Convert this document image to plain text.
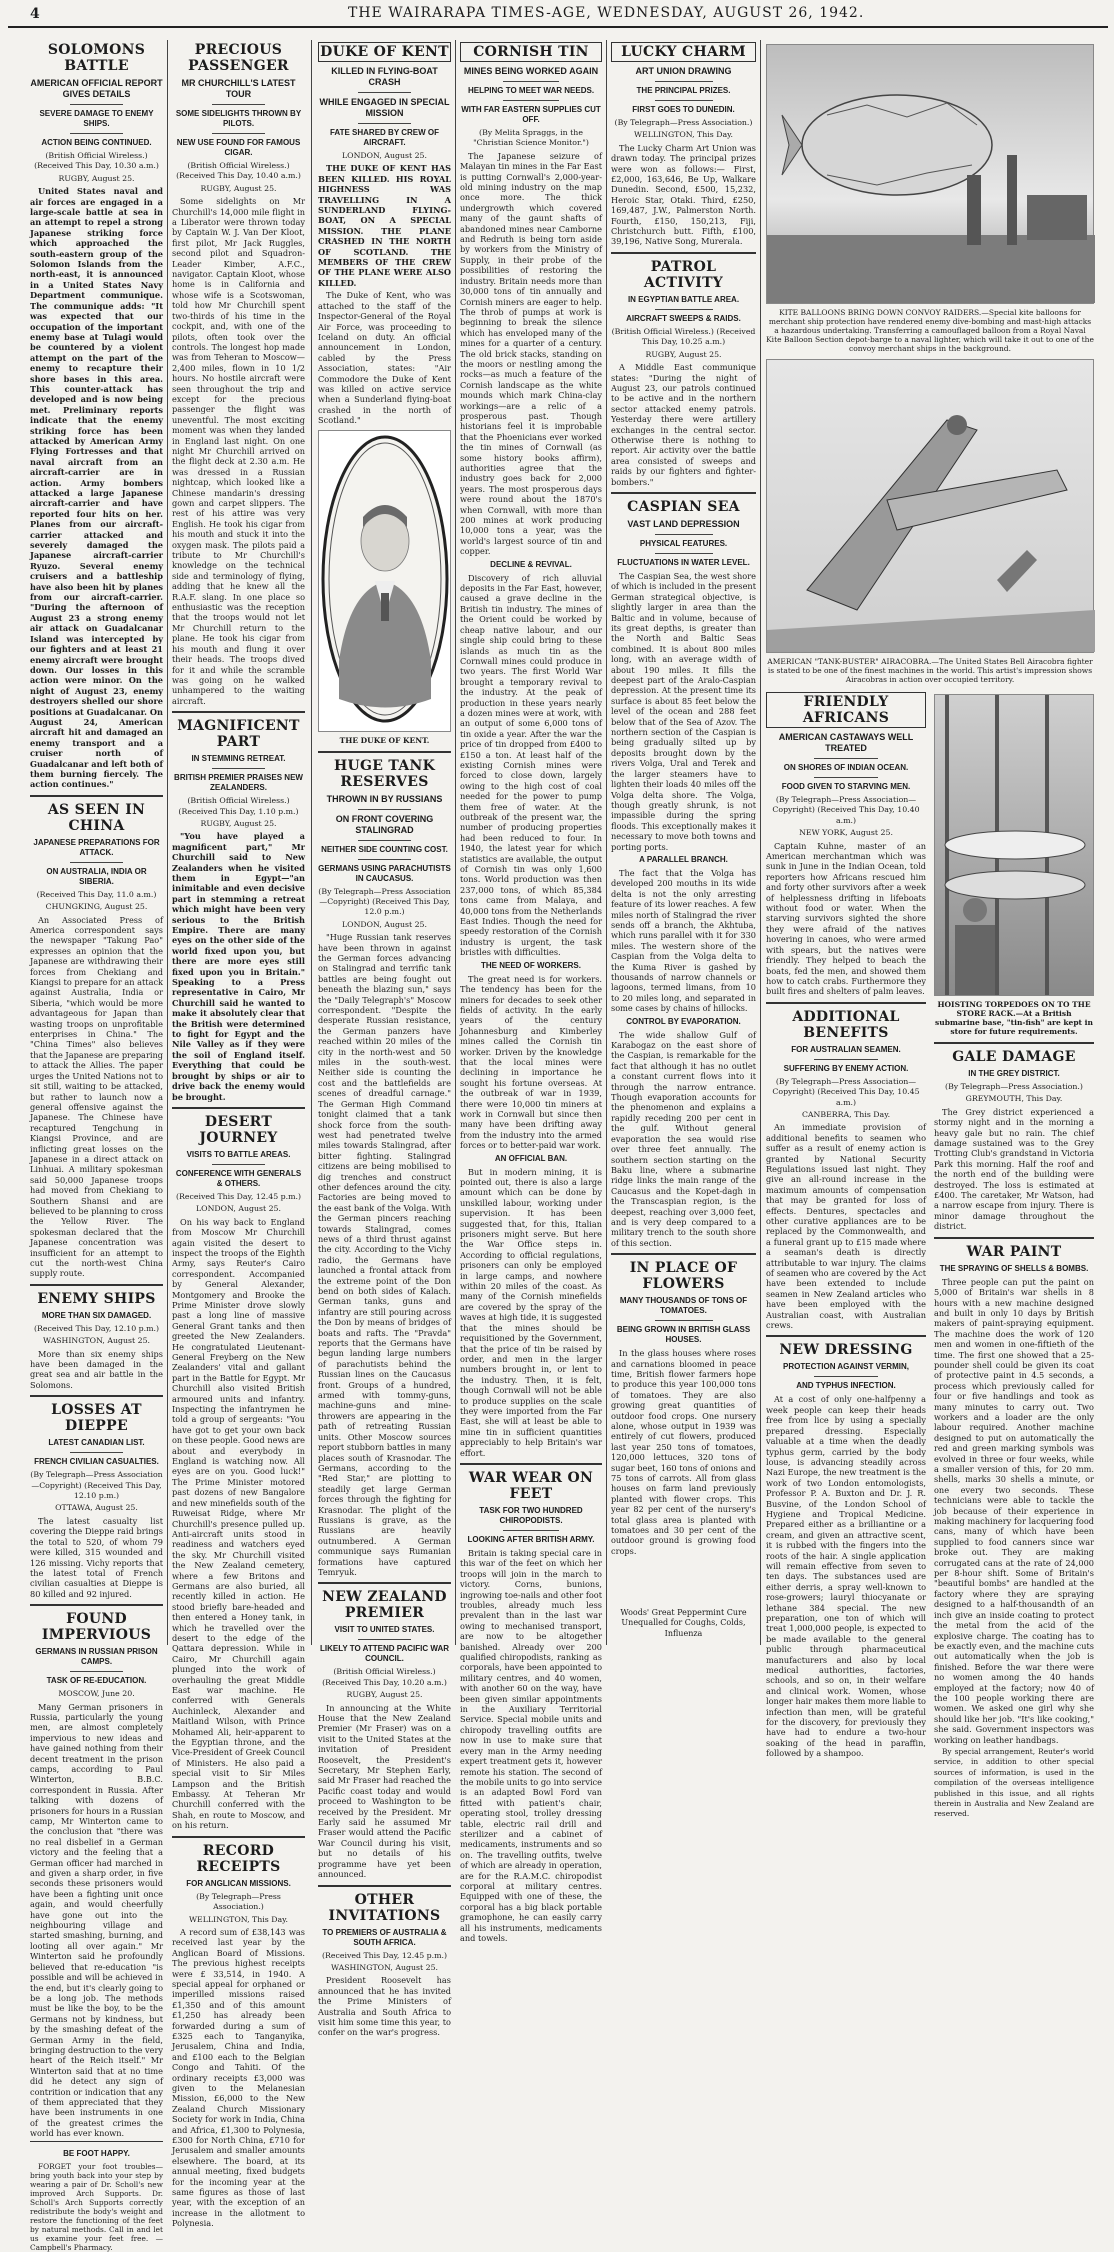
4	THE WAIRARAPA TIMES-AGE, WEDNESDAY, AUGUST 26, 1942.
SOLOMONS BATTLE
AMERICAN OFFICIAL REPORT GIVES DETAILS
SEVERE DAMAGE TO ENEMY SHIPS.
ACTION BEING CONTINUED.
(British Official Wireless.) (Received This Day, 10.30 a.m.)
RUGBY, August 25.

United States naval and air forces are engaged in a large-scale battle at sea in an attempt to repel a strong Japanese striking force which approached the south-eastern group of the Solomon Islands from the north-east, it is announced in a United States Navy Department communique. The communique adds: "It was expected that our occupation of the important enemy base at Tulagi would be countered by a violent attempt on the part of the enemy to recapture their shore bases in this area. This counter-attack has developed and is now being met. Preliminary reports indicate that the enemy striking force has been attacked by American Army Flying Fortresses and that naval aircraft from an aircraft-carrier are in action. Army bombers attacked a large Japanese aircraft-carrier and have reported four hits on her. Planes from our aircraft-carrier attacked and severely damaged the Japanese aircraft-carrier Ryuzo. Several enemy cruisers and a battleship have also been hit by planes from our aircraft-carrier. "During the afternoon of August 23 a strong enemy air attack on Guadalcanar Island was intercepted by our fighters and at least 21 enemy aircraft were brought down. Our losses in this action were minor. On the night of August 23, enemy destroyers shelled our shore positions at Guadalcanar. On August 24, American aircraft hit and damaged an enemy transport and a cruiser north of Guadalcanar and left both of them burning fiercely. The action continues."

AS SEEN IN CHINA
JAPANESE PREPARATIONS FOR ATTACK.
ON AUSTRALIA, INDIA OR SIBERIA.
(Received This Day, 11.0 a.m.)
CHUNGKING, August 25.

An Associated Press of America correspondent says the newspaper "Takung Pao" expresses an opinion that the Japanese are withdrawing their forces from Chekiang and Kiangsi to prepare for an attack against Australia, India or Siberia, "which would be more advantageous for Japan than wasting troops on unprofitable enterprises in China." The "China Times" also believes that the Japanese are preparing to attack the Allies. The paper urges the United Nations not to sit still, waiting to be attacked, but rather to launch now a general offensive against the Japanese. The Chinese have recaptured Tengchung in Kiangsi Province, and are inflicting great losses on the Japanese in a direct attack on Linhuai. A military spokesman said 50,000 Japanese troops had moved from Chekiang to Southern Shansi and are believed to be planning to cross the Yellow River. The spokesman declared that the Japanese concentration was insufficient for an attempt to cut the north-west China supply route.

ENEMY SHIPS
MORE THAN SIX DAMAGED.
(Received This Day, 12.10 p.m.)
WASHINGTON, August 25.

More than six enemy ships have been damaged in the great sea and air battle in the Solomons.

LOSSES AT DIEPPE
LATEST CANADIAN LIST.
FRENCH CIVILIAN CASUALTIES.
(By Telegraph—Press Association—Copyright) (Received This Day, 12.10 p.m.)
OTTAWA, August 25.

The latest casualty list covering the Dieppe raid brings the total to 520, of whom 79 were killed, 315 wounded and 126 missing. Vichy reports that the latest total of French civilian casualties at Dieppe is 80 killed and 92 injured.

FOUND IMPERVIOUS
GERMANS IN RUSSIAN PRISON CAMPS.
TASK OF RE-EDUCATION.
MOSCOW, June 20.

Many German prisoners in Russia, particularly the young men, are almost completely impervious to new ideas and have gained nothing from their decent treatment in the prison camps, according to Paul Winterton, B.B.C. correspondent in Russia. After talking with dozens of prisoners for hours in a Russian camp, Mr Winterton came to the conclusion that "there was no real disbelief in a German victory and the feeling that a German officer had marched in and given a sharp order, in five seconds these prisoners would have been a fighting unit once again, and would cheerfully have gone out into the neighbouring village and started smashing, burning, and looting all over again." Mr Winterton said he profoundly believed that re-education "is possible and will be achieved in the end, but it's clearly going to be a long job. The methods must be like the boy, to be the Germans not by kindness, but by the smashing defeat of the German Army in the field, bringing destruction to the very heart of the Reich itself." Mr Winterton said that at no time did he detect any sign of contrition or indication that any of them appreciated that they have been instruments in one of the greatest crimes the world has ever known.

BE FOOT HAPPY.

FORGET your foot troubles—bring youth back into your step by wearing a pair of Dr. Scholl's new improved Arch Supports. Dr. Scholl's Arch Supports correctly redistribute the body's weight and restore the functioning of the feet by natural methods. Call in and let us examine your feet free. —Campbell's Pharmacy.

PRECIOUS PASSENGER
MR CHURCHILL'S LATEST TOUR
SOME SIDELIGHTS THROWN BY PILOTS.
NEW USE FOUND FOR FAMOUS CIGAR.
(British Official Wireless.) (Received This Day, 10.40 a.m.)
RUGBY, August 25.

Some sidelights on Mr Churchill's 14,000 mile flight in a Liberator were thrown today by Captain W. J. Van Der Kloot, first pilot, Mr Jack Ruggles, second pilot and Squadron-Leader Kimber, A.F.C., navigator. Captain Kloot, whose home is in California and whose wife is a Scotswoman, told how Mr Churchill spent two-thirds of his time in the cockpit, and, with one of the pilots, often took over the controls. The longest hop made was from Teheran to Moscow—2,400 miles, flown in 10 1/2 hours. No hostile aircraft were seen throughout the trip and except for the precious passenger the flight was uneventful. The most exciting moment was when they landed in England last night. On one night Mr Churchill arrived on the flight deck at 2.30 a.m. He was dressed in a Russian nightcap, which looked like a Chinese mandarin's dressing gown and carpet slippers. The rest of his attire was very English. He took his cigar from his mouth and stuck it into the oxygen mask. The pilots paid a tribute to Mr Churchill's knowledge on the technical side and terminology of flying, adding that he knew all the R.A.F. slang. In one place so enthusiastic was the reception that the troops would not let Mr Churchill return to the plane. He took his cigar from his mouth and flung it over their heads. The troops dived for it and while the scramble was going on he walked unhampered to the waiting aircraft.

MAGNIFICENT PART
IN STEMMING RETREAT.
BRITISH PREMIER PRAISES NEW ZEALANDERS.
(British Official Wireless.) (Received This Day, 1.10 p.m.)
RUGBY, August 25.

"You have played a magnificent part," Mr Churchill said to New Zealanders when he visited them in Egypt—"an inimitable and even decisive part in stemming a retreat which might have been very serious to the British Empire. There are many eyes on the other side of the world fixed upon you, but there are more eyes still fixed upon you in Britain." Speaking to a Press representative in Cairo, Mr Churchill said he wanted to make it absolutely clear that the British were determined to fight for Egypt and the Nile Valley as if they were the soil of England itself. Everything that could be brought by ships or air to drive back the enemy would be brought.

DESERT JOURNEY
VISITS TO BATTLE AREAS.
CONFERENCE WITH GENERALS & OTHERS.
(Received This Day, 12.45 p.m.)
LONDON, August 25.

On his way back to England from Moscow Mr Churchill again visited the desert to inspect the troops of the Eighth Army, says Reuter's Cairo correspondent. Accompanied by General Alexander, Montgomery and Brooke the Prime Minister drove slowly past a long line of massive General Grant tanks and then greeted the New Zealanders. He congratulated Lieutenant-General Freyberg on the New Zealanders' vital and gallant part in the Battle for Egypt. Mr Churchill also visited British armoured units and infantry. Inspecting the infantrymen he told a group of sergeants: "You have got to get your own back on these people. Good news are about and everybody in England is watching now. All eyes are on you. Good luck!" The Prime Minister motored past dozens of new Bangalore and new minefields south of the Ruweisat Ridge, where Mr Churchill's presence pulled up. Anti-aircraft units stood in readiness and watchers eyed the sky. Mr Churchill visited the New Zealand cemetery, where a few Britons and Germans are also buried, all recently killed in action. He stood briefly bare-headed and then entered a Honey tank, in which he travelled over the desert to the edge of the Qattara depression. While in Cairo, Mr Churchill again plunged into the work of overhauling the great Middle East war machine. He conferred with Generals Auchinleck, Alexander and Maitland Wilson, with Prince Mohamed Ali, heir-apparent to the Egyptian throne, and the Vice-President of Greek Council of Ministers. He also paid a special visit to Sir Miles Lampson and the British Embassy. At Teheran Mr Churchill conferred with the Shah, en route to Moscow, and on his return.

RECORD RECEIPTS
FOR ANGLICAN MISSIONS.
(By Telegraph—Press Association.)
WELLINGTON, This Day.

A record sum of £38,143 was received last year by the Anglican Board of Missions. The previous highest receipts were £ 33,514, in 1940. A special appeal for orphaned or imperilled missions raised £1,350 and of this amount £1,250 has already been forwarded during a sum of £325 each to Tanganyika, Jerusalem, China and India, and £100 each to the Belgian Congo and Tahiti. Of the ordinary receipts £3,000 was given to the Melanesian Mission, £6,000 to the New Zealand Church Missionary Society for work in India, China and Africa, £1,300 to Polynesia, £300 for North China, £710 for Jerusalem and smaller amounts elsewhere. The board, at its annual meeting, fixed budgets for the incoming year at the same figures as those of last year, with the exception of an increase in the allotment to Polynesia.

DUKE OF KENT
KILLED IN FLYING-BOAT CRASH
WHILE ENGAGED IN SPECIAL MISSION
FATE SHARED BY CREW OF AIRCRAFT.
LONDON, August 25.

THE DUKE OF KENT HAS BEEN KILLED. HIS ROYAL HIGHNESS WAS TRAVELLING IN A SUNDERLAND FLYING-BOAT, ON A SPECIAL MISSION. THE PLANE CRASHED IN THE NORTH OF SCOTLAND. THE MEMBERS OF THE CREW OF THE PLANE WERE ALSO KILLED.

The Duke of Kent, who was attached to the staff of the Inspector-General of the Royal Air Force, was proceeding to Iceland on duty. An official announcement in London, cabled by the Press Association, states: "Air Commodore the Duke of Kent was killed on active service when a Sunderland flying-boat crashed in the north of Scotland."

THE DUKE OF KENT.
HUGE TANK RESERVES
THROWN IN BY RUSSIANS
ON FRONT COVERING STALINGRAD
NEITHER SIDE COUNTING COST.
GERMANS USING PARACHUTISTS IN CAUCASUS.
(By Telegraph—Press Association—Copyright) (Received This Day, 12.0 p.m.)
LONDON, August 25.

"Huge Russian tank reserves have been thrown in against the German forces advancing on Stalingrad and terrific tank battles are being fought out beneath the blazing sun," says the "Daily Telegraph's" Moscow correspondent. "Despite the desperate Russian resistance, the German panzers have reached within 20 miles of the city in the north-west and 50 miles in the south-west. Neither side is counting the cost and the battlefields are scenes of dreadful carnage." The German High Command tonight claimed that a tank shock force from the south-west had penetrated twelve miles towards Stalingrad, after bitter fighting. Stalingrad citizens are being mobilised to dig trenches and construct other defences around the city. Factories are being moved to the east bank of the Volga. With the German pincers reaching towards Stalingrad, comes news of a third thrust against the city. According to the Vichy radio, the Germans have launched a frontal attack from the extreme point of the Don bend on both sides of Kalach. German tanks, guns and infantry are still pouring across the Don by means of bridges of boats and rafts. The "Pravda" reports that the Germans have begun landing large numbers of parachutists behind the Russian lines on the Caucasus front. Groups of a hundred, armed with tommy-guns, machine-guns and mine-throwers are appearing in the path of retreating Russian units. Other Moscow sources report stubborn battles in many places south of Krasnodar. The Germans, according to the "Red Star," are plotting to steadily get large German forces through the fighting for Krasnodar. The plight of the Russians is grave, as the Russians are heavily outnumbered. A German communique says Rumanian formations have captured Temryuk.

NEW ZEALAND PREMIER
VISIT TO UNITED STATES.
LIKELY TO ATTEND PACIFIC WAR COUNCIL.
(British Official Wireless.) (Received This Day, 10.20 a.m.)
RUGBY, August 25.

In announcing at the White House that the New Zealand Premier (Mr Fraser) was on a visit to the United States at the invitation of President Roosevelt, the President's Secretary, Mr Stephen Early, said Mr Fraser had reached the Pacific coast today and would proceed to Washington to be received by the President. Mr Early said he assumed Mr Fraser would attend the Pacific War Council during his visit, but no details of his programme have yet been announced.

OTHER INVITATIONS
TO PREMIERS OF AUSTRALIA & SOUTH AFRICA.
(Received This Day, 12.45 p.m.)
WASHINGTON, August 25.

President Roosevelt has announced that he has invited the Prime Ministers of Australia and South Africa to visit him some time this year, to confer on the war's progress.

CORNISH TIN
MINES BEING WORKED AGAIN
HELPING TO MEET WAR NEEDS.
WITH FAR EASTERN SUPPLIES CUT OFF.
(By Melita Spraggs, in the "Christian Science Monitor.")

The Japanese seizure of Malayan tin mines in the Far East is putting Cornwall's 2,000-year-old mining industry on the map once more. The thick undergrowth which covered many of the gaunt shafts of abandoned mines near Camborne and Redruth is being torn aside by workers from the Ministry of Supply, in their probe of the possibilities of restoring the industry. Britain needs more than 30,000 tons of tin annually and Cornish miners are eager to help. The throb of pumps at work is beginning to break the silence which has enveloped many of the mines for a quarter of a century. The old brick stacks, standing on the moors or nestling among the rocks—as much a feature of the Cornish landscape as the white mounds which mark China-clay workings—are a relic of a prosperous past. Though historians feel it is improbable that the Phoenicians ever worked the tin mines of Cornwall (as some history books affirm), authorities agree that the industry goes back for 2,000 years. The most prosperous days were round about the 1870's when Cornwall, with more than 200 mines at work producing 10,000 tons a year, was the world's largest source of tin and copper.

DECLINE & REVIVAL.

Discovery of rich alluvial deposits in the Far East, however, caused a grave decline in the British tin industry. The mines of the Orient could be worked by cheap native labour, and our single ship could bring to these islands as much tin as the Cornwall mines could produce in two years. The first World War brought a temporary revival to the industry. At the peak of production in these years nearly a dozen mines were at work, with an output of some 6,000 tons of tin oxide a year. After the war the price of tin dropped from £400 to £150 a ton. At least half of the existing Cornish mines were forced to close down, largely owing to the high cost of coal needed for the power to pump them free of water. At the outbreak of the present war, the number of producing properties had been reduced to four. In 1940, the latest year for which statistics are available, the output of Cornish tin was only 1,600 tons. World production was then 237,000 tons, of which 85,384 tons came from Malaya, and 40,000 tons from the Netherlands East Indies. Though the need for speedy restoration of the Cornish industry is urgent, the task bristles with difficulties.

THE NEED OF WORKERS.

The great need is for workers. The tendency has been for the miners for decades to seek other fields of activity. In the early years of the century Johannesburg and Kimberley mines called the Cornish tin worker. Driven by the knowledge that the local mines were declining in importance he sought his fortune overseas. At the outbreak of war in 1939, there were 10,000 tin miners at work in Cornwall but since then many have been drifting away from the industry into the armed forces or to better-paid war work.

AN OFFICIAL BAN.

But in modern mining, it is pointed out, there is also a large amount which can be done by unskilled labour, working under supervision. It has been suggested that, for this, Italian prisoners might serve. But here the War Office steps in. According to official regulations, prisoners can only be employed in large camps, and nowhere within 20 miles of the coast. As many of the Cornish minefields are covered by the spray of the waves at high tide, it is suggested that the mines should be requisitioned by the Government, that the price of tin be raised by order, and men in the larger numbers brought in, or lent to the industry. Then, it is felt, though Cornwall will not be able to produce supplies on the scale they were imported from the Far East, she will at least be able to mine tin in sufficient quantities appreciably to help Britain's war effort.

WAR WEAR ON FEET
TASK FOR TWO HUNDRED CHIROPODISTS.
LOOKING AFTER BRITISH ARMY.

Britain is taking special care in this war of the feet on which her troops will join in the march to victory. Corns, bunions, ingrowing toe-nails and other foot troubles, already much less prevalent than in the last war owing to mechanised transport, are now to be altogether banished. Already over 200 qualified chiropodists, ranking as corporals, have been appointed to military centres, and 40 women, with another 60 on the way, have been given similar appointments in the Auxiliary Territorial Service. Special mobile units and chiropody travelling outfits are now in use to make sure that every man in the Army needing expert treatment gets it, however remote his station. The second of the mobile units to go into service is an adapted Bowl Ford van fitted with patient's chair, operating stool, trolley dressing table, electric rail drill and sterilizer and a cabinet of medicaments, instruments and so on. The travelling outfits, twelve of which are already in operation, are for the R.A.M.C. chiropodist corporal at military centres. Equipped with one of these, the corporal has a big black portable gramophone, he can easily carry all his instruments, medicaments and towels.

LUCKY CHARM
ART UNION DRAWING
THE PRINCIPAL PRIZES.
FIRST GOES TO DUNEDIN.
(By Telegraph—Press Association.)
WELLINGTON, This Day.

The Lucky Charm Art Union was drawn today. The principal prizes were won as follows:— First, £2,000, 163,646, Be Up, Walkare Dunedin. Second, £500, 15,232, Heroic Star, Otaki. Third, £250, 169,487, J.W., Palmerston North. Fourth, £150, 150,213, Fiji, Christchurch butt. Fifth, £100, 39,196, Native Song, Murerala.

PATROL ACTIVITY
IN EGYPTIAN BATTLE AREA.
AIRCRAFT SWEEPS & RAIDS.
(British Official Wireless.) (Received This Day, 10.25 a.m.)
RUGBY, August 25.

A Middle East communique states: "During the night of August 23, our patrols continued to be active and in the northern sector attacked enemy patrols. Yesterday there were artillery exchanges in the central sector. Otherwise there is nothing to report. Air activity over the battle area consisted of sweeps and raids by our fighters and fighter-bombers."

CASPIAN SEA
VAST LAND DEPRESSION
PHYSICAL FEATURES.
FLUCTUATIONS IN WATER LEVEL.

The Caspian Sea, the west shore of which is included in the present German strategical objective, is slightly larger in area than the Baltic and in volume, because of its great depths, is greater than the North and Baltic Seas combined. It is about 800 miles long, with an average width of about 190 miles. It fills the deepest part of the Aralo-Caspian depression. At the present time its surface is about 85 feet below the level of the ocean and 288 feet below that of the Sea of Azov. The northern section of the Caspian is being gradually silted up by deposits brought down by the rivers Volga, Ural and Terek and the larger steamers have to lighten their loads 40 miles off the Volga delta shore. The Volga, though greatly shrunk, is not impassible during the spring floods. This exceptionally makes it necessary to move both towns and porting ports.

A PARALLEL BRANCH.

The fact that the Volga has developed 200 mouths in its wide delta is not the only arresting feature of its lower reaches. A few miles north of Stalingrad the river sends off a branch, the Akhtuba, which runs parallel with it for 330 miles. The western shore of the Caspian from the Volga delta to the Kuma River is gashed by thousands of narrow channels or lagoons, termed limans, from 10 to 20 miles long, and separated in some cases by chains of hillocks.

CONTROL BY EVAPORATION.

The wide shallow Gulf of Karabogaz on the east shore of the Caspian, is remarkable for the fact that although it has no outlet a constant current flows into it through the narrow entrance. Though evaporation accounts for the phenomenon and explains a rapidly receding 200 per cent in the gulf. Without general evaporation the sea would rise over three feet annually. The southern section starting on the Baku line, where a submarine ridge links the main range of the Caucasus and the Kopet-dagh in the Transcaspian region, is the deepest, reaching over 3,000 feet, and is very deep compared to a military trench to the south shore of this section.

IN PLACE OF FLOWERS
MANY THOUSANDS OF TONS OF TOMATOES.
BEING GROWN IN BRITISH GLASS HOUSES.

In the glass houses where roses and carnations bloomed in peace time, British flower farmers hope to produce this year 100,000 tons of tomatoes. They are also growing great quantities of outdoor food crops. One nursery alone, whose output in 1939 was entirely of cut flowers, produced last year 250 tons of tomatoes, 120,000 lettuces, 320 tons of sugar beet, 160 tons of onions and 75 tons of carrots. All from glass houses on farm land previously planted with flower crops. This year 82 per cent of the nursery's total glass area is planted with tomatoes and 30 per cent of the outdoor ground is growing food crops.

Woods' Great Peppermint Cure Unequalled for Coughs, Colds, Influenza

KITE BALLOONS BRING DOWN CONVOY RAIDERS.—Special kite balloons for merchant ship protection have rendered enemy dive-bombing and mast-high attacks a hazardous undertaking. Transferring a camouflaged balloon from a Royal Naval Kite Balloon Section depot-barge to a naval lighter, which will take it out to one of the convoy merchant ships in the background.

AMERICAN "TANK-BUSTER" AIRACOBRA.—The United States Bell Airacobra fighter is stated to be one of the finest machines in the world. This artist's impression shows Airacobras in action over occupied territory.

FRIENDLY AFRICANS
AMERICAN CASTAWAYS WELL TREATED
ON SHORES OF INDIAN OCEAN.
FOOD GIVEN TO STARVING MEN.
(By Telegraph—Press Association—Copyright) (Received This Day, 10.40 a.m.)
NEW YORK, August 25.

Captain Kuhne, master of an American merchantman which was sunk in June in the Indian Ocean, told reporters how Africans rescued him and forty other survivors after a week of helplessness drifting in lifeboats without food or water. When the starving survivors sighted the shore they were afraid of the natives hovering in canoes, who were armed with spears, but the natives were friendly. They helped to beach the boats, fed the men, and showed them how to catch crabs. Furthermore they built fires and shelters of palm leaves.

ADDITIONAL BENEFITS
FOR AUSTRALIAN SEAMEN.
SUFFERING BY ENEMY ACTION.
(By Telegraph—Press Association—Copyright) (Received This Day, 10.45 a.m.)
CANBERRA, This Day.

An immediate provision of additional benefits to seamen who suffer as a result of enemy action is granted by National Security Regulations issued last night. They give an all-round increase in the maximum amounts of compensation that may be granted for loss of effects. Dentures, spectacles and other curative appliances are to be replaced by the Commonwealth, and a funeral grant up to £15 made where a seaman's death is directly attributable to war injury. The claims of seamen who are covered by the Act have been extended to include seamen in New Zealand articles who have been employed with the Australian coast, with Australian crews.

NEW DRESSING
PROTECTION AGAINST VERMIN,
AND TYPHUS INFECTION.

At a cost of only one-halfpenny a week people can keep their heads free from lice by using a specially prepared dressing. Especially valuable at a time when the deadly typhus germ, carried by the body louse, is advancing steadily across Nazi Europe, the new treatment is the work of two London entomologists, Professor P. A. Buxton and Dr. J. R. Busvine, of the London School of Hygiene and Tropical Medicine. Prepared either as a brilliantine or a cream, and given an attractive scent, it is rubbed with the fingers into the roots of the hair. A single application will remain effective from seven to ten days. The substances used are either derris, a spray well-known to rose-growers; lauryl thiocyanate or lethane 384 special. The new preparation, one ton of which will treat 1,000,000 people, is expected to be made available to the general public through pharmaceutical manufacturers and also by local medical authorities, factories, schools, and so on, in their welfare and clinical work. Women, whose longer hair makes them more liable to infection than men, will be grateful for the discovery, for previously they have had to endure a two-hour soaking of the head in paraffin, followed by a shampoo.

HOISTING TORPEDOES ON TO THE STORE RACK.—At a British submarine base, "tin-fish" are kept in store for future requirements.

GALE DAMAGE
IN THE GREY DISTRICT.
(By Telegraph—Press Association.)
GREYMOUTH, This Day.

The Grey district experienced a stormy night and in the morning a heavy gale but no rain. The chief damage sustained was to the Grey Trotting Club's grandstand in Victoria Park this morning. Half the roof and the north end of the building were destroyed. The loss is estimated at £400. The caretaker, Mr Watson, had a narrow escape from injury. There is minor damage throughout the district.

WAR PAINT
THE SPRAYING OF SHELLS & BOMBS.

Three people can put the paint on 5,000 of Britain's war shells in 8 hours with a new machine designed and built in only 10 days by British makers of paint-spraying equipment. The machine does the work of 120 men and women in one-fiftieth of the time. The first one showed that a 25-pounder shell could be given its coat of protective paint in 4.5 seconds, a process which previously called for four or five handlings and took as many minutes to carry out. Two workers and a loader are the only labour required. Another machine designed to put on automatically the red and green marking symbols was evolved in three or four weeks, while a smaller version of this, for 20 mm. shells, marks 30 shells a minute, or one every two seconds. These technicians were able to tackle the job because of their experience in making machinery for lacquering food cans, many of which have been supplied to food canners since war broke out. They are making corrugated cans at the rate of 24,000 per 8-hour shift. Some of Britain's "beautiful bombs" are handled at the factory where they are spraying designed to a half-thousandth of an inch give an inside coating to protect the metal from the acid of the explosive charge. The coating has to be exactly even, and the machine cuts out automatically when the job is finished. Before the war there were no women among the 40 hands employed at the factory; now 40 of the 100 people working there are women. We asked one girl why she should like her job. "It's like cooking," she said. Government inspectors was working on leather handbags.

By special arrangement, Reuter's world service, in addition to other special sources of information, is used in the compilation of the overseas intelligence published in this issue, and all rights therein in Australia and New Zealand are reserved.
